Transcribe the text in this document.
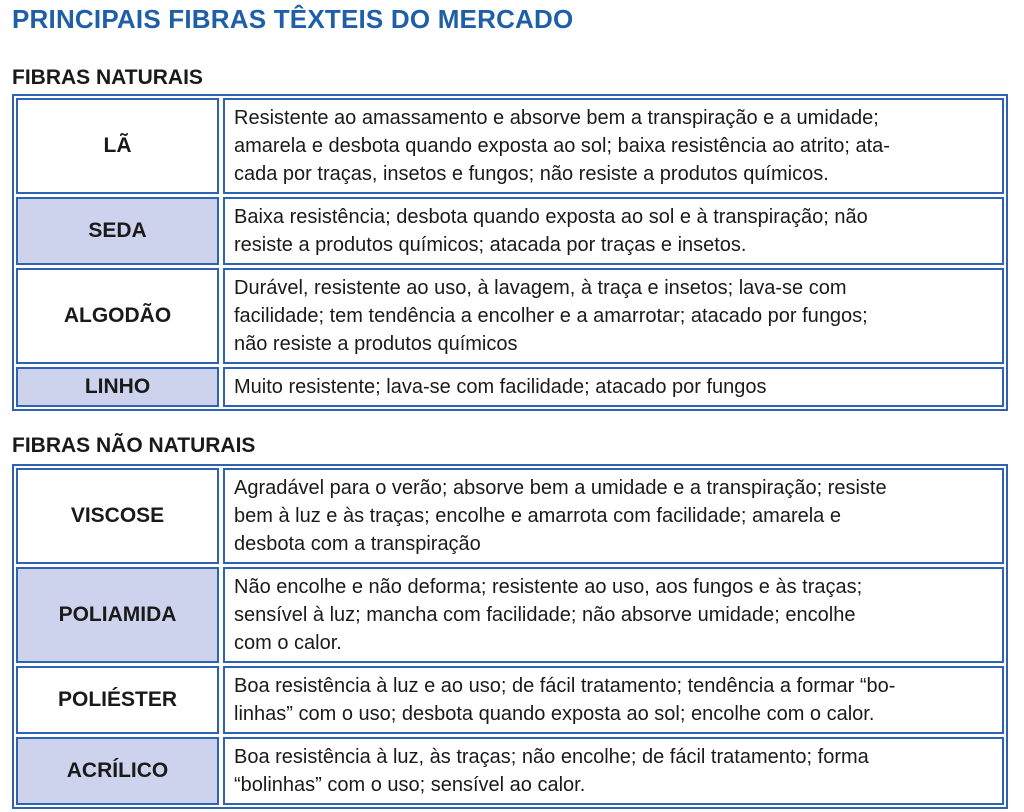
PRINCIPAIS FIBRAS TÊXTEIS DO MERCADO
FIBRAS NATURAIS
LÃ
Resistente ao amassamento e absorve bem a transpiração e a umidade;
amarela e desbota quando exposta ao sol; baixa resistência ao atrito; ata-
cada por traças, insetos e fungos; não resiste a produtos químicos.
SEDA
Baixa resistência; desbota quando exposta ao sol e à transpiração; não
resiste a produtos químicos; atacada por traças e insetos.
ALGODÃO
Durável, resistente ao uso, à lavagem, à traça e insetos; lava-se com
facilidade; tem tendência a encolher e a amarrotar; atacado por fungos;
não resiste a produtos químicos
LINHO	Muito resistente; lava-se com facilidade; atacado por fungos
FIBRAS NÃO NATURAIS
VISCOSE
Agradável para o verão; absorve bem a umidade e a transpiração; resiste
bem à luz e às traças; encolhe e amarrota com facilidade; amarela e
desbota com a transpiração
POLIAMIDA
Não encolhe e não deforma; resistente ao uso, aos fungos e às traças;
sensível à luz; mancha com facilidade; não absorve umidade; encolhe
com o calor.
POLIÉSTER
Boa resistência à luz e ao uso; de fácil tratamento; tendência a formar “bo-
linhas” com o uso; desbota quando exposta ao sol; encolhe com o calor.
ACRÍLICO
Boa resistência à luz, às traças; não encolhe; de fácil tratamento; forma
“bolinhas” com o uso; sensível ao calor.
